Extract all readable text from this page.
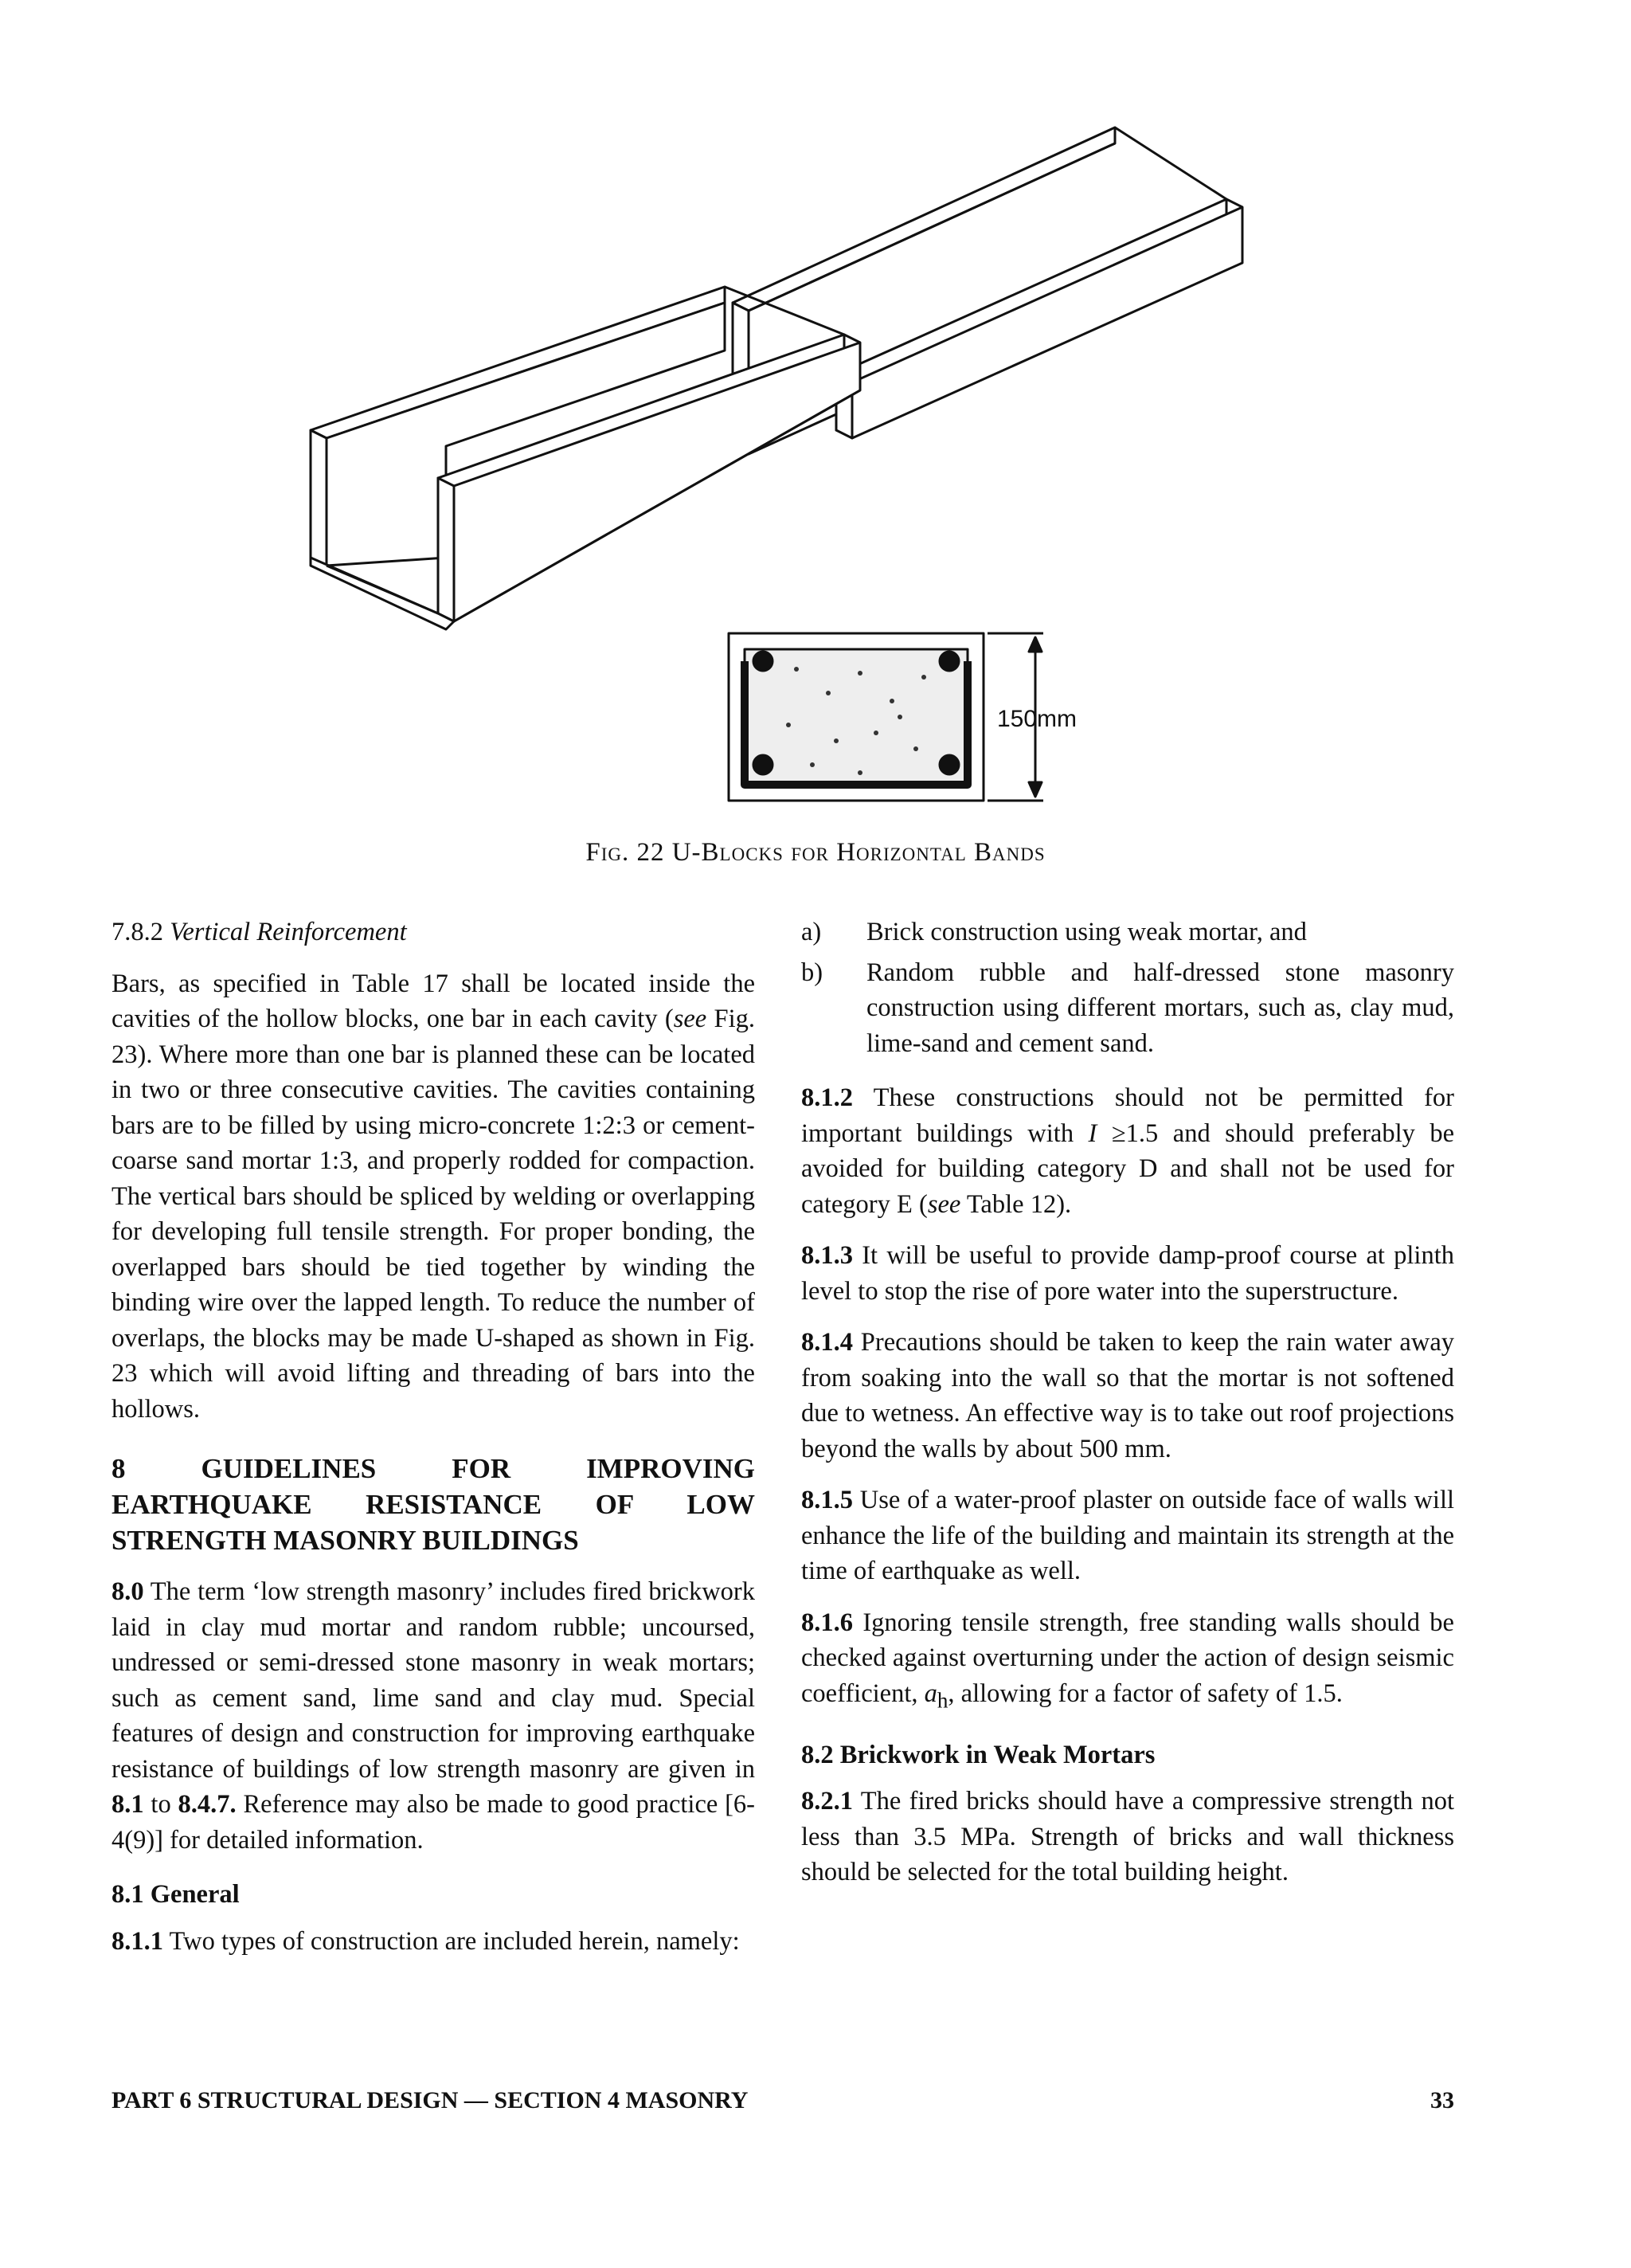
150mm
Fig. 22 U-Blocks for Horizontal Bands

7.8.2 Vertical Reinforcement

Bars, as specified in Table 17 shall be located inside the cavities of the hollow blocks, one bar in each cavity (see Fig. 23). Where more than one bar is planned these can be located in two or three consecutive cavities. The cavities containing bars are to be filled by using micro-concrete 1:2:3 or cement-coarse sand mortar 1:3, and properly rodded for compaction. The vertical bars should be spliced by welding or overlapping for developing full tensile strength. For proper bonding, the overlapped bars should be tied together by winding the binding wire over the lapped length. To reduce the number of overlaps, the blocks may be made U-shaped as shown in Fig. 23 which will avoid lifting and threading of bars into the hollows.

8 GUIDELINES FOR IMPROVING EARTHQUAKE RESISTANCE OF LOW STRENGTH MASONRY BUILDINGS

8.0 The term ‘low strength masonry’ includes fired brickwork laid in clay mud mortar and random rubble; uncoursed, undressed or semi-dressed stone masonry in weak mortars; such as cement sand, lime sand and clay mud. Special features of design and construction for improving earthquake resistance of buildings of low strength masonry are given in 8.1 to 8.4.7. Reference may also be made to good practice [6-4(9)] for detailed information.

8.1 General

8.1.1 Two types of construction are included herein, namely:

a)	Brick construction using weak mortar, and
b)	Random rubble and half-dressed stone masonry construction using different mortars, such as, clay mud, lime-sand and cement sand.

8.1.2 These constructions should not be permitted for important buildings with I ≥1.5 and should preferably be avoided for building category D and shall not be used for category E (see Table 12).

8.1.3 It will be useful to provide damp-proof course at plinth level to stop the rise of pore water into the superstructure.

8.1.4 Precautions should be taken to keep the rain water away from soaking into the wall so that the mortar is not softened due to wetness. An effective way is to take out roof projections beyond the walls by about 500 mm.

8.1.5 Use of a water-proof plaster on outside face of walls will enhance the life of the building and maintain its strength at the time of earthquake as well.

8.1.6 Ignoring tensile strength, free standing walls should be checked against overturning under the action of design seismic coefficient, $a_h$, allowing for a factor of safety of 1.5.

8.2 Brickwork in Weak Mortars

8.2.1 The fired bricks should have a compressive strength not less than 3.5 MPa. Strength of bricks and wall thickness should be selected for the total building height.

PART 6 STRUCTURAL DESIGN — SECTION 4 MASONRY	33
